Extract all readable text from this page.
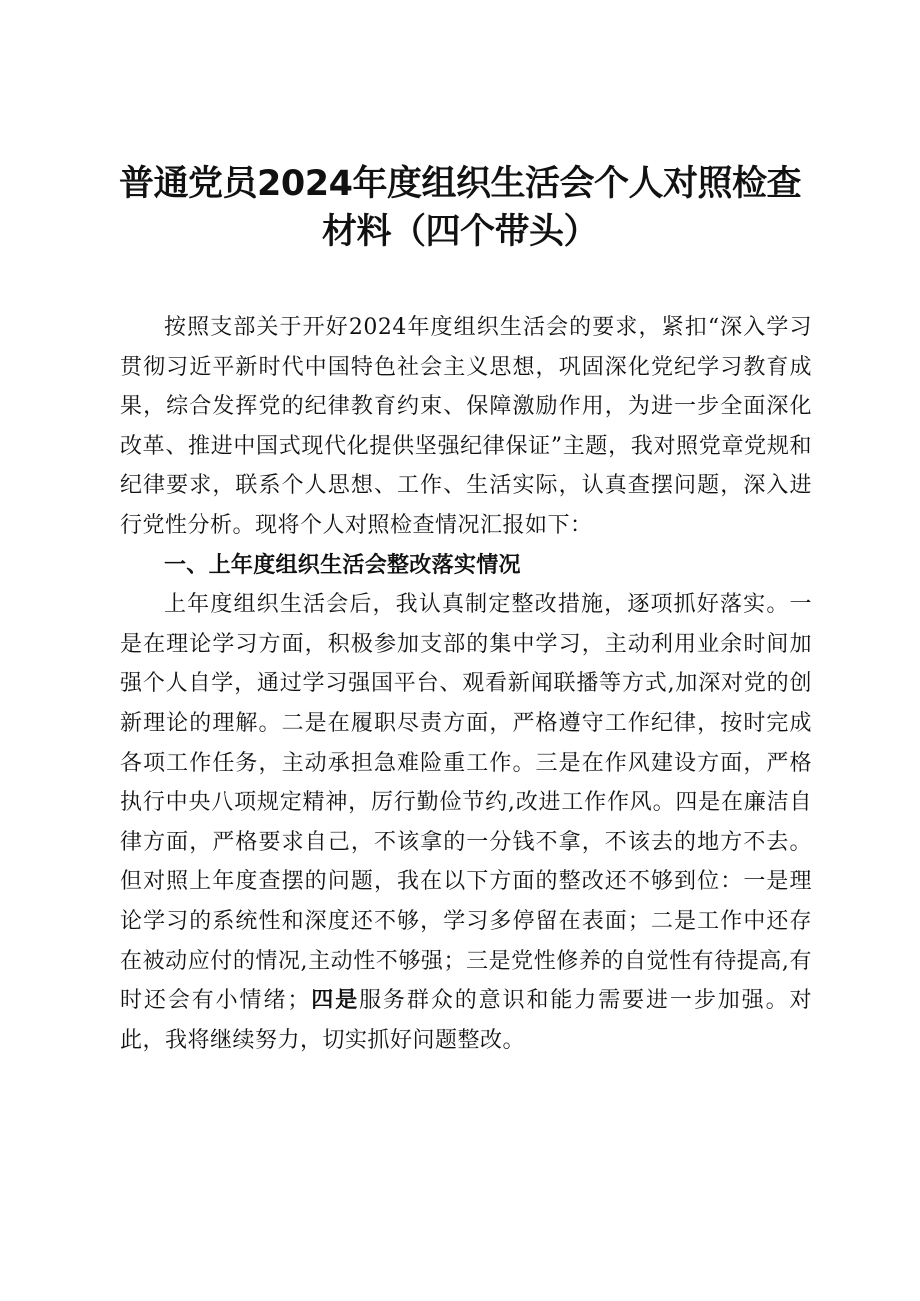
普通党员2024年度组织生活会个人对照检查
材料（四个带头）

按照支部关于开好2024年度组织生活会的要求，紧扣“深入学习贯彻习近平新时代中国特色社会主义思想，巩固深化党纪学习教育成果，综合发挥党的纪律教育约束、保障激励作用，为进一步全面深化改革、推进中国式现代化提供坚强纪律保证”主题，我对照党章党规和纪律要求，联系个人思想、工作、生活实际，认真查摆问题，深入进行党性分析。现将个人对照检查情况汇报如下：

一、上年度组织生活会整改落实情况

上年度组织生活会后，我认真制定整改措施，逐项抓好落实。一是在理论学习方面，积极参加支部的集中学习，主动利用业余时间加强个人自学，通过学习强国平台、观看新闻联播等方式,加深对党的创新理论的理解。二是在履职尽责方面，严格遵守工作纪律，按时完成各项工作任务，主动承担急难险重工作。三是在作风建设方面，严格执行中央八项规定精神，厉行勤俭节约,改进工作作风。四是在廉洁自律方面，严格要求自己，不该拿的一分钱不拿，不该去的地方不去。但对照上年度查摆的问题，我在以下方面的整改还不够到位：一是理论学习的系统性和深度还不够，学习多停留在表面；二是工作中还存在被动应付的情况,主动性不够强；三是党性修养的自觉性有待提高,有时还会有小情绪；四是服务群众的意识和能力需要进一步加强。对此，我将继续努力，切实抓好问题整改。
